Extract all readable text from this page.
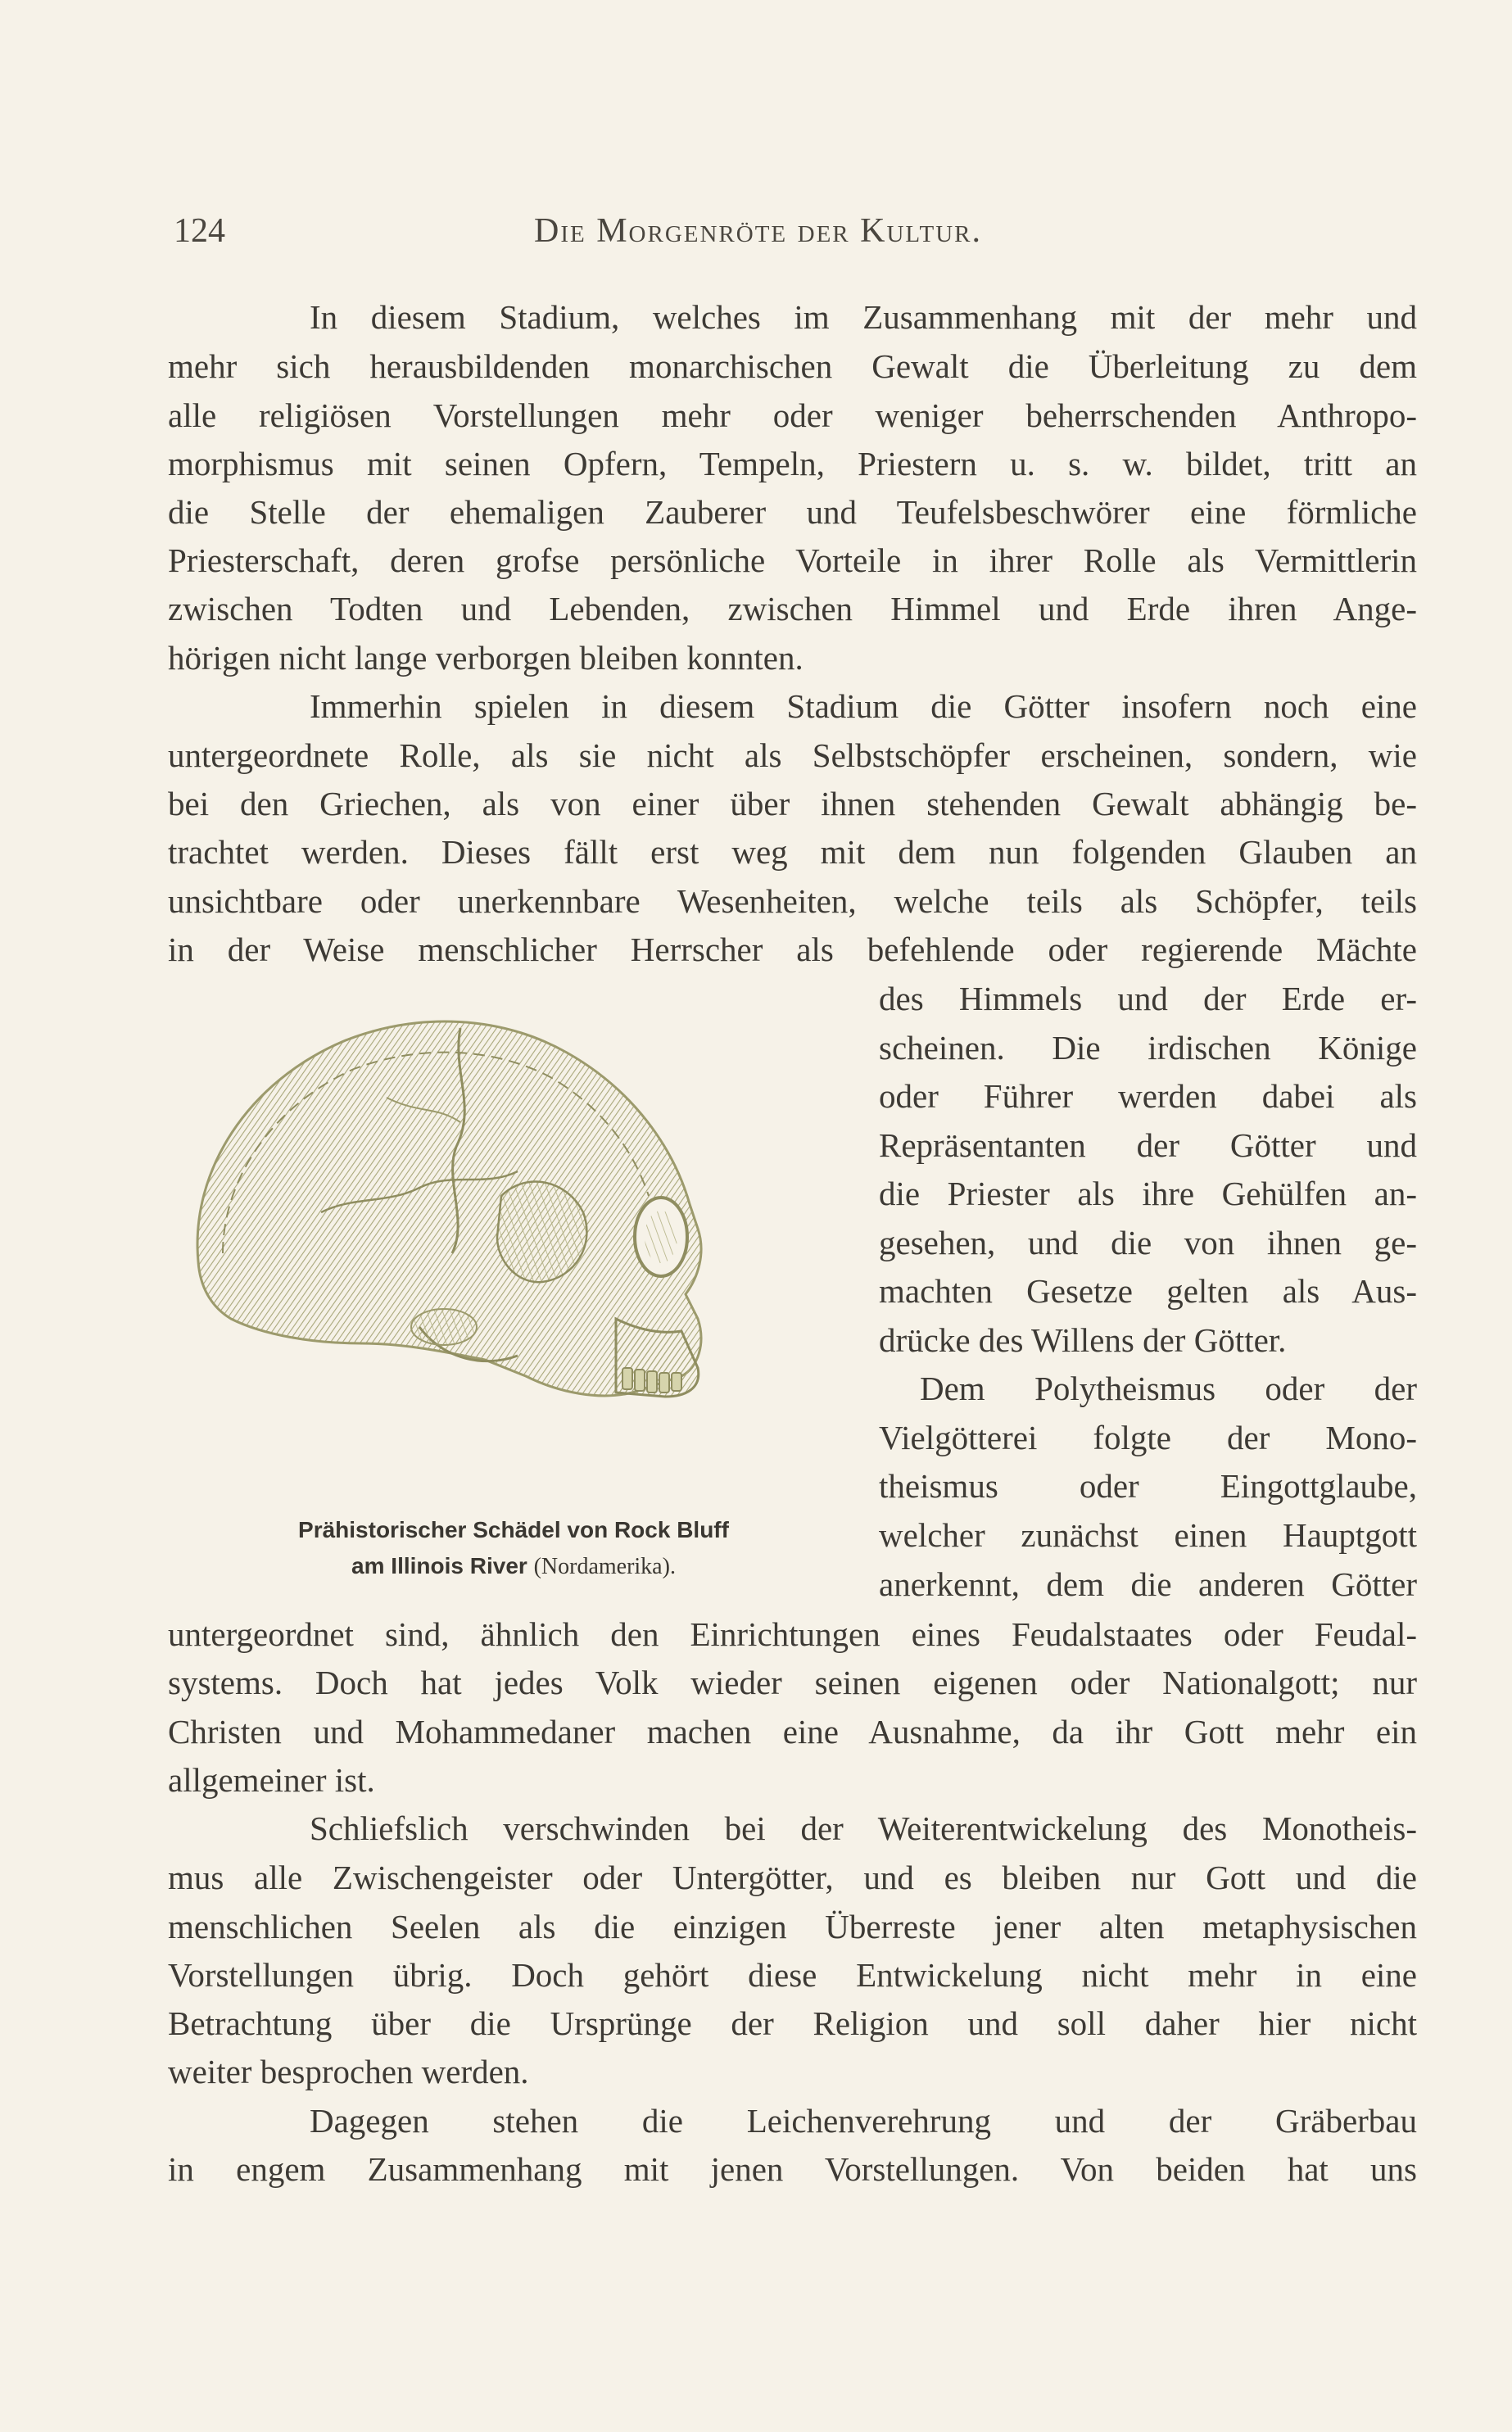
124	Die Morgenröte der Kultur.
In diesem Stadium, welches im Zusammenhang mit der mehr und
mehr sich herausbildenden monarchischen Gewalt die Überleitung zu dem
alle religiösen Vorstellungen mehr oder weniger beherrschenden Anthropo-
morphismus mit seinen Opfern, Tempeln, Priestern u. s. w. bildet, tritt an
die Stelle der ehemaligen Zauberer und Teufelsbeschwörer eine förmliche
Priesterschaft, deren grofse persönliche Vorteile in ihrer Rolle als Vermittlerin
zwischen Todten und Lebenden, zwischen Himmel und Erde ihren Ange-
hörigen nicht lange verborgen bleiben konnten.
Immerhin spielen in diesem Stadium die Götter insofern noch eine
untergeordnete Rolle, als sie nicht als Selbstschöpfer erscheinen, sondern, wie
bei den Griechen, als von einer über ihnen stehenden Gewalt abhängig be-
trachtet werden. Dieses fällt erst weg mit dem nun folgenden Glauben an
unsichtbare oder unerkennbare Wesenheiten, welche teils als Schöpfer, teils
in der Weise menschlicher Herrscher als befehlende oder regierende Mächte
des Himmels und der Erde er-
scheinen. Die irdischen Könige
oder Führer werden dabei als
Repräsentanten der Götter und
die Priester als ihre Gehülfen an-
gesehen, und die von ihnen ge-
machten Gesetze gelten als Aus-
drücke des Willens der Götter.
Dem Polytheismus oder der
Vielgötterei folgte der Mono-
theismus oder Eingottglaube,
welcher zunächst einen Hauptgott
anerkennt, dem die anderen Götter
untergeordnet sind, ähnlich den Einrichtungen eines Feudalstaates oder Feudal-
systems. Doch hat jedes Volk wieder seinen eigenen oder Nationalgott; nur
Christen und Mohammedaner machen eine Ausnahme, da ihr Gott mehr ein
allgemeiner ist.
Schliefslich verschwinden bei der Weiterentwickelung des Monotheis-
mus alle Zwischengeister oder Untergötter, und es bleiben nur Gott und die
menschlichen Seelen als die einzigen Überreste jener alten metaphysischen
Vorstellungen übrig. Doch gehört diese Entwickelung nicht mehr in eine
Betrachtung über die Ursprünge der Religion und soll daher hier nicht
weiter besprochen werden.
Dagegen stehen die Leichenverehrung und der Gräberbau
in engem Zusammenhang mit jenen Vorstellungen. Von beiden hat uns
Prähistorischer Schädel von Rock Bluff
am Illinois River (Nordamerika).
